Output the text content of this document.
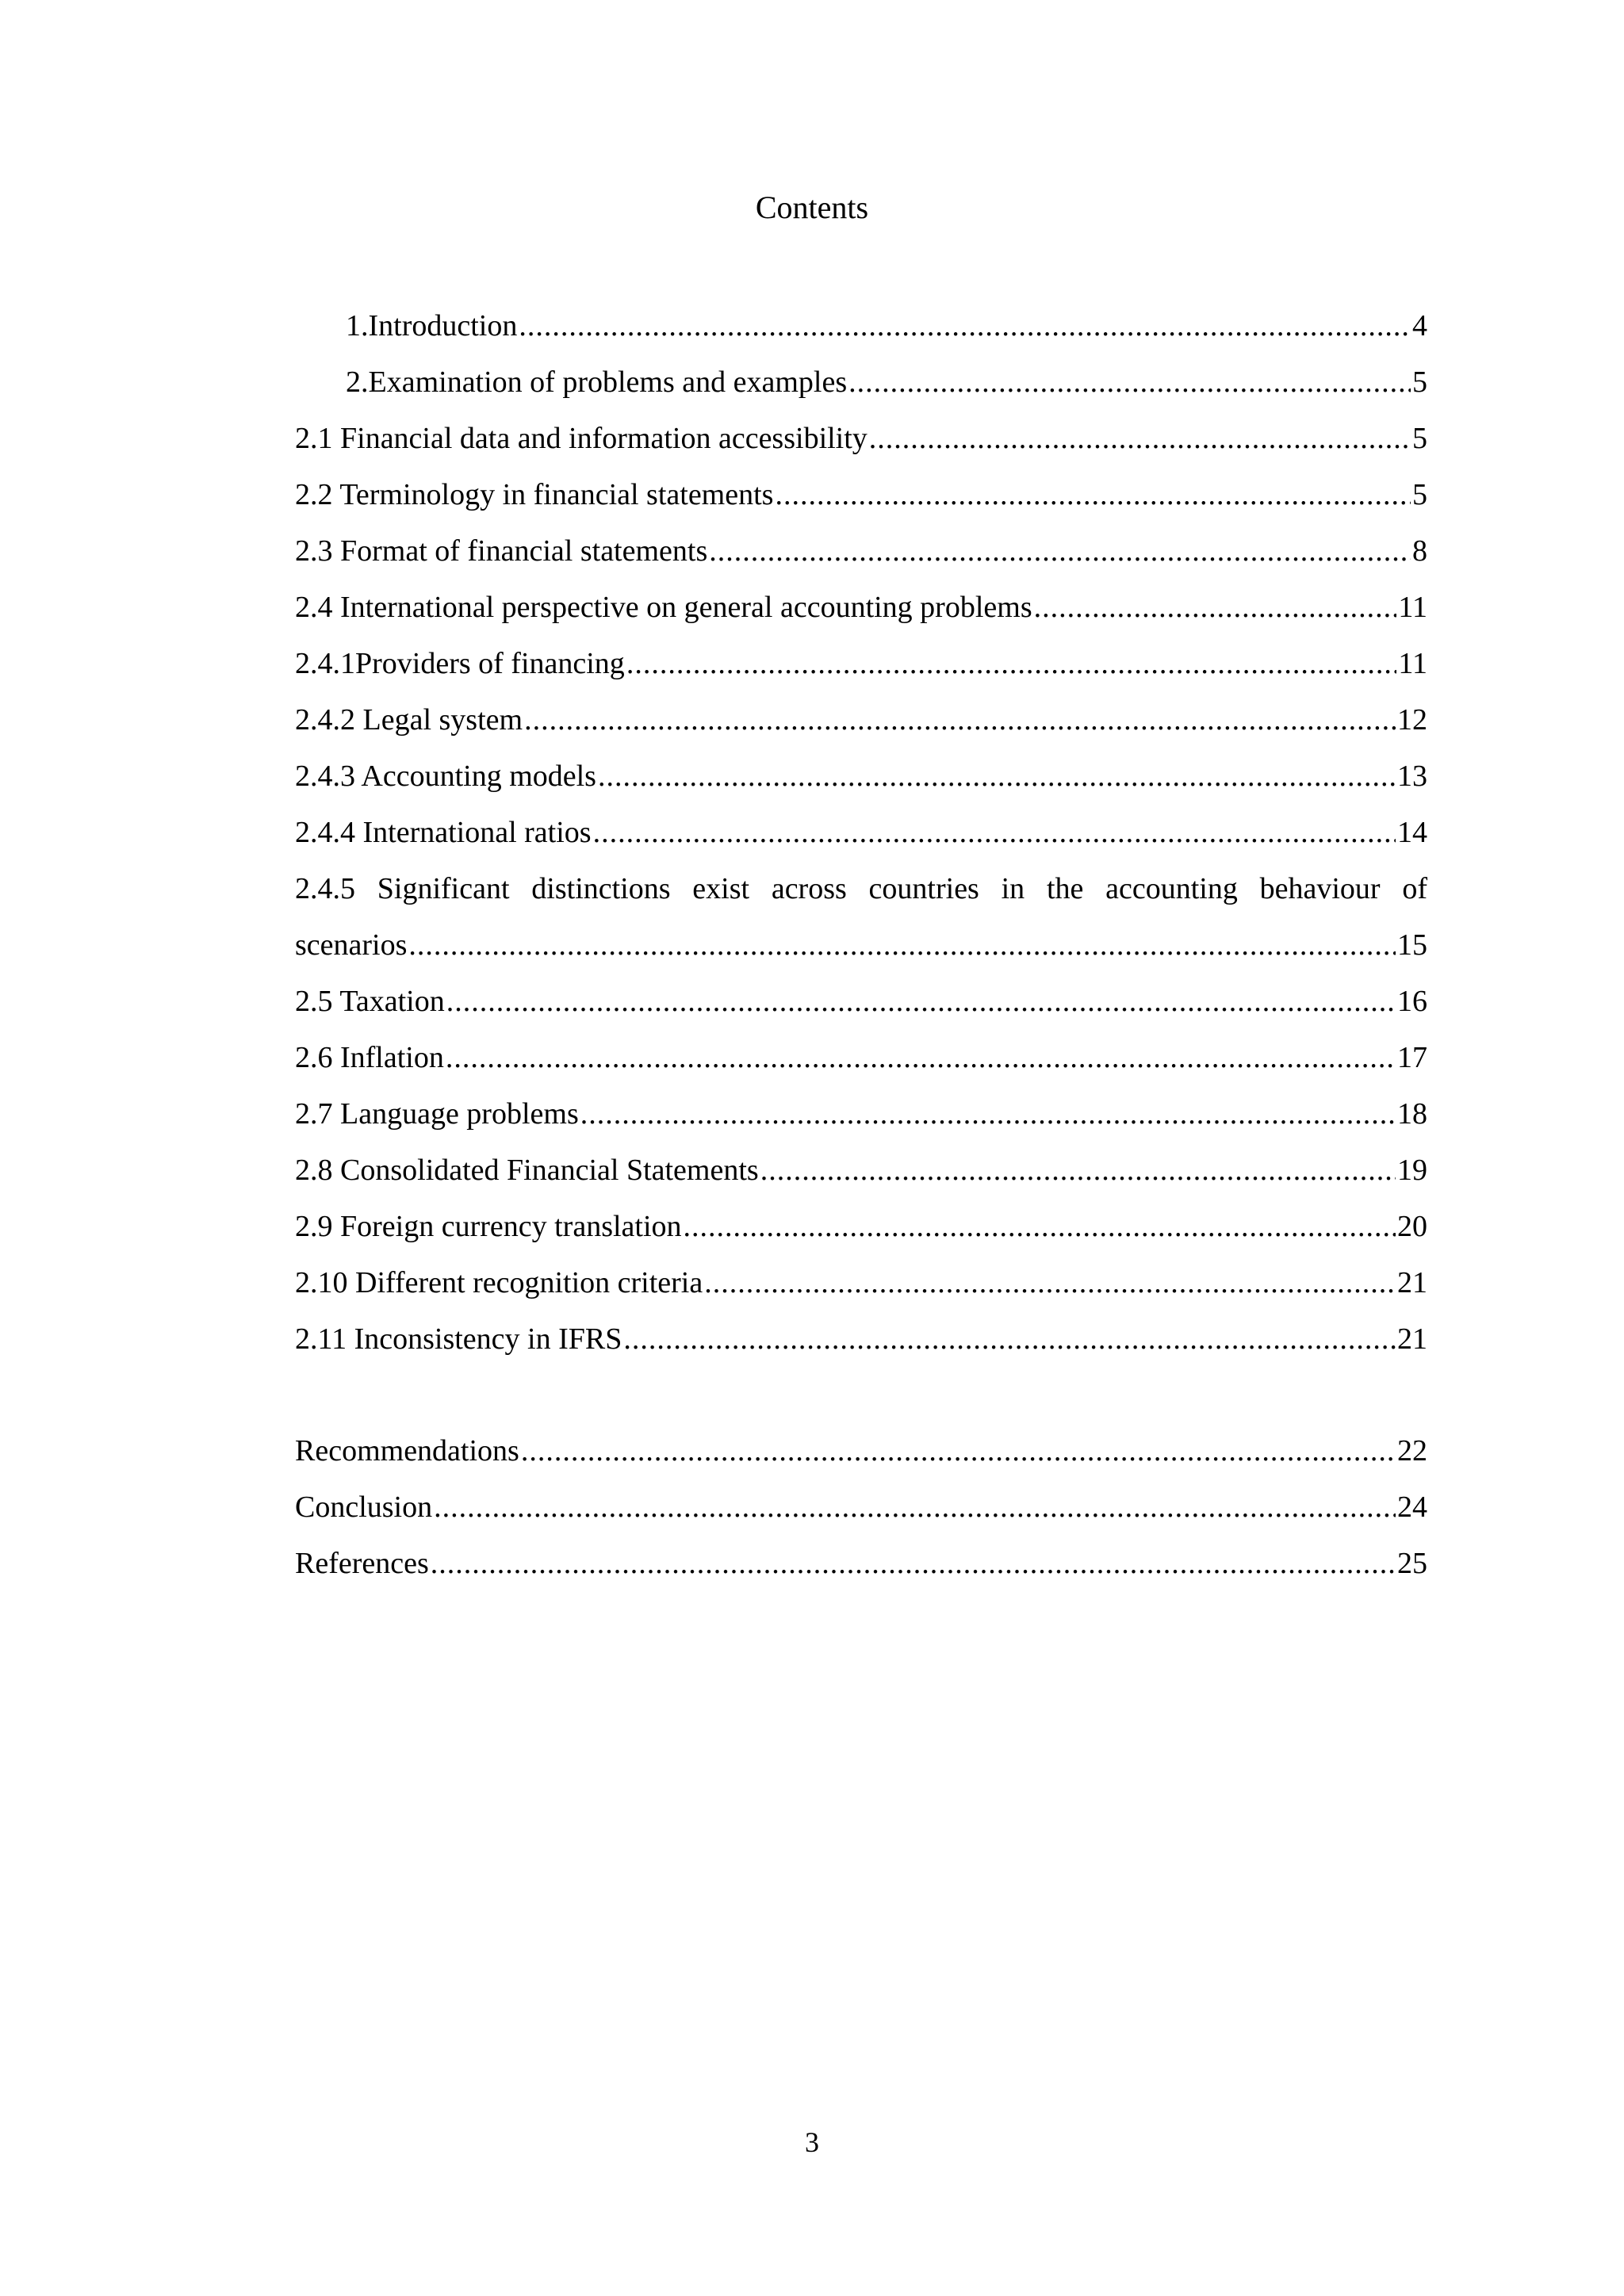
Contents
1. Introduction .....	4
2. Examination of problems and examples .....	5
2.1 Financial data and information accessibility .....	5
2.2 Terminology in financial statements .....	5
2.3 Format of financial statements .....	8
2.4 International perspective on general accounting problems .....	11
2.4.1Providers of financing .....	11
2.4.2 Legal system .....	12
2.4.3 Accounting models .....	13
2.4.4 International ratios .....	14
2.4.5 Significant distinctions exist across countries in the accounting behaviour of
scenarios .....	15
2.5 Taxation .....	16
2.6 Inflation .....	17
2.7 Language problems .....	18
2.8 Consolidated Financial Statements .....	19
2.9 Foreign currency translation .....	20
2.10 Different recognition criteria .....	21
2.11 Inconsistency in IFRS .....	21
Recommendations .....	22
Conclusion .....	24
References .....	25
3
